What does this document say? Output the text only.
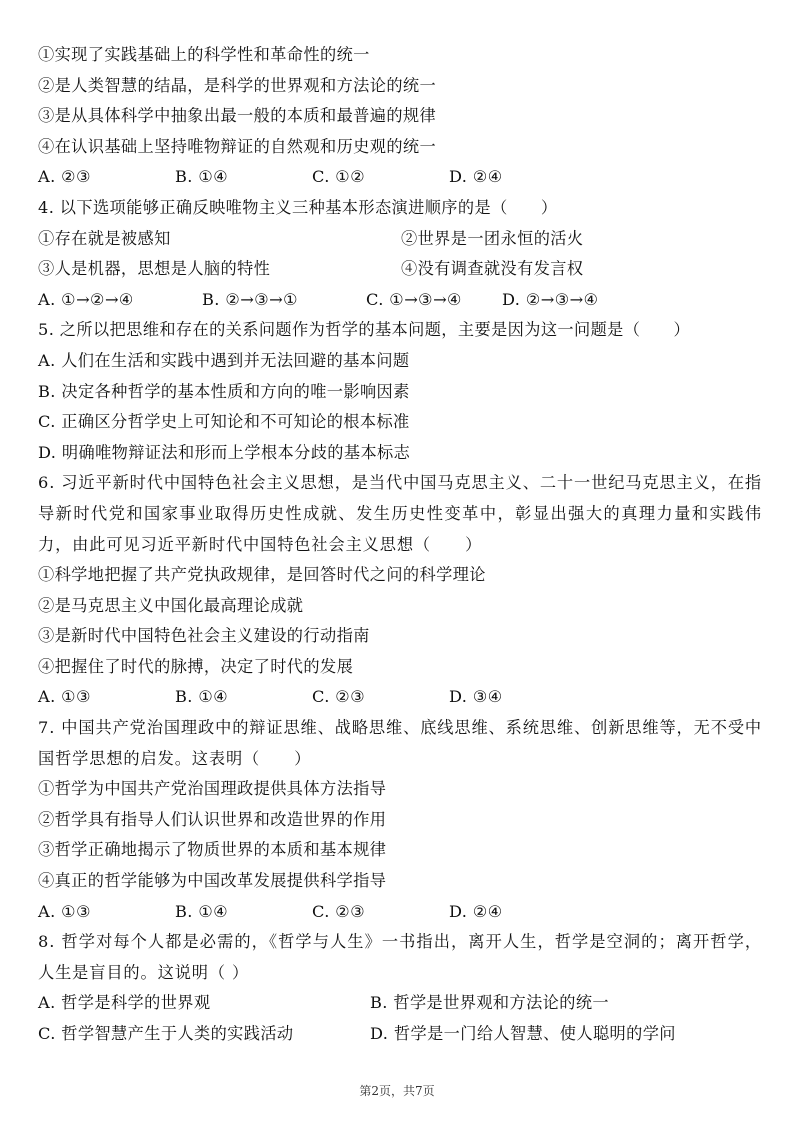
①实现了实践基础上的科学性和革命性的统一
②是人类智慧的结晶，是科学的世界观和方法论的统一
③是从具体科学中抽象出最一般的本质和最普遍的规律
④在认识基础上坚持唯物辩证的自然观和历史观的统一
A. ②③	B. ①④	C. ①②	D. ②④
4. 以下选项能够正确反映唯物主义三种基本形态演进顺序的是（　　）
①存在就是被感知	②世界是一团永恒的活火
③人是机器，思想是人脑的特性	④没有调查就没有发言权
A. ①→②→④	B. ②→③→①	C. ①→③→④	D. ②→③→④
5. 之所以把思维和存在的关系问题作为哲学的基本问题，主要是因为这一问题是（　　）
A. 人们在生活和实践中遇到并无法回避的基本问题
B. 决定各种哲学的基本性质和方向的唯一影响因素
C. 正确区分哲学史上可知论和不可知论的根本标准
D. 明确唯物辩证法和形而上学根本分歧的基本标志
6. 习近平新时代中国特色社会主义思想，是当代中国马克思主义、二十一世纪马克思主义，在指导新时代党和国家事业取得历史性成就、发生历史性变革中，彰显出强大的真理力量和实践伟力，由此可见习近平新时代中国特色社会主义思想（　　）
①科学地把握了共产党执政规律，是回答时代之问的科学理论
②是马克思主义中国化最高理论成就
③是新时代中国特色社会主义建设的行动指南
④把握住了时代的脉搏，决定了时代的发展
A. ①③	B. ①④	C. ②③	D. ③④
7. 中国共产党治国理政中的辩证思维、战略思维、底线思维、系统思维、创新思维等，无不受中国哲学思想的启发。这表明（　　）
①哲学为中国共产党治国理政提供具体方法指导
②哲学具有指导人们认识世界和改造世界的作用
③哲学正确地揭示了物质世界的本质和基本规律
④真正的哲学能够为中国改革发展提供科学指导
A. ①③	B. ①④	C. ②③	D. ②④
8. 哲学对每个人都是必需的，《哲学与人生》一书指出，离开人生，哲学是空洞的；离开哲学，人生是盲目的。这说明（ ）
A. 哲学是科学的世界观	B. 哲学是世界观和方法论的统一
C. 哲学智慧产生于人类的实践活动	D. 哲学是一门给人智慧、使人聪明的学问
第2页，共7页
